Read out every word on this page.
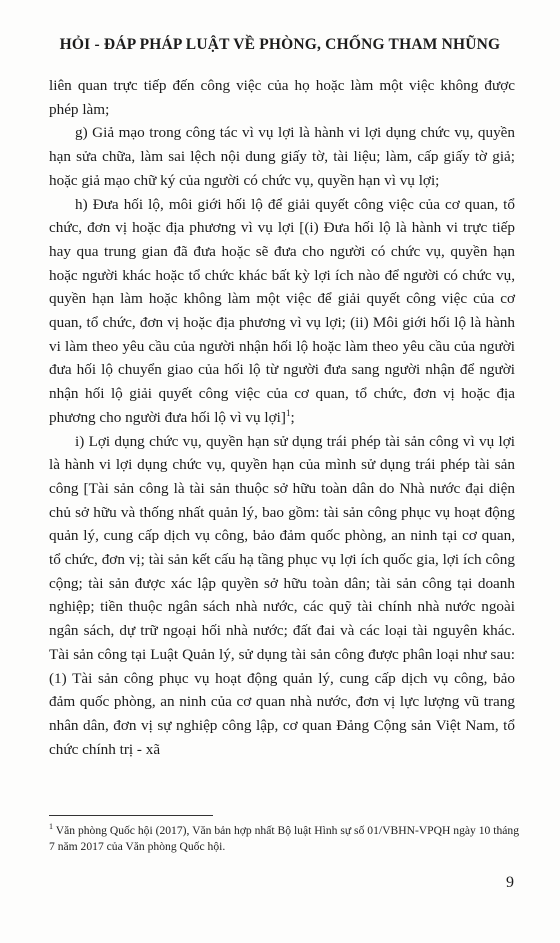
HỎI - ĐÁP PHÁP LUẬT VỀ PHÒNG, CHỐNG THAM NHŨNG

liên quan trực tiếp đến công việc của họ hoặc làm một việc không được phép làm;

g) Giả mạo trong công tác vì vụ lợi là hành vi lợi dụng chức vụ, quyền hạn sửa chữa, làm sai lệch nội dung giấy tờ, tài liệu; làm, cấp giấy tờ giả; hoặc giả mạo chữ ký của người có chức vụ, quyền hạn vì vụ lợi;

h) Đưa hối lộ, môi giới hối lộ để giải quyết công việc của cơ quan, tổ chức, đơn vị hoặc địa phương vì vụ lợi [(i) Đưa hối lộ là hành vi trực tiếp hay qua trung gian đã đưa hoặc sẽ đưa cho người có chức vụ, quyền hạn hoặc người khác hoặc tổ chức khác bất kỳ lợi ích nào để người có chức vụ, quyền hạn làm hoặc không làm một việc để giải quyết công việc của cơ quan, tổ chức, đơn vị hoặc địa phương vì vụ lợi; (ii) Môi giới hối lộ là hành vi làm theo yêu cầu của người nhận hối lộ hoặc làm theo yêu cầu của người đưa hối lộ chuyển giao của hối lộ từ người đưa sang người nhận để người nhận hối lộ giải quyết công việc của cơ quan, tổ chức, đơn vị hoặc địa phương cho người đưa hối lộ vì vụ lợi]$^1$;

i) Lợi dụng chức vụ, quyền hạn sử dụng trái phép tài sản công vì vụ lợi là hành vi lợi dụng chức vụ, quyền hạn của mình sử dụng trái phép tài sản công [Tài sản công là tài sản thuộc sở hữu toàn dân do Nhà nước đại diện chủ sở hữu và thống nhất quản lý, bao gồm: tài sản công phục vụ hoạt động quản lý, cung cấp dịch vụ công, bảo đảm quốc phòng, an ninh tại cơ quan, tổ chức, đơn vị; tài sản kết cấu hạ tầng phục vụ lợi ích quốc gia, lợi ích công cộng; tài sản được xác lập quyền sở hữu toàn dân; tài sản công tại doanh nghiệp; tiền thuộc ngân sách nhà nước, các quỹ tài chính nhà nước ngoài ngân sách, dự trữ ngoại hối nhà nước; đất đai và các loại tài nguyên khác. Tài sản công tại Luật Quản lý, sử dụng tài sản công được phân loại như sau: (1) Tài sản công phục vụ hoạt động quản lý, cung cấp dịch vụ công, bảo đảm quốc phòng, an ninh của cơ quan nhà nước, đơn vị lực lượng vũ trang nhân dân, đơn vị sự nghiệp công lập, cơ quan Đảng Cộng sản Việt Nam, tổ chức chính trị - xã

$^1$ Văn phòng Quốc hội (2017), Văn bản hợp nhất Bộ luật Hình sự số 01/VBHN-VPQH ngày 10 tháng 7 năm 2017 của Văn phòng Quốc hội.
9
